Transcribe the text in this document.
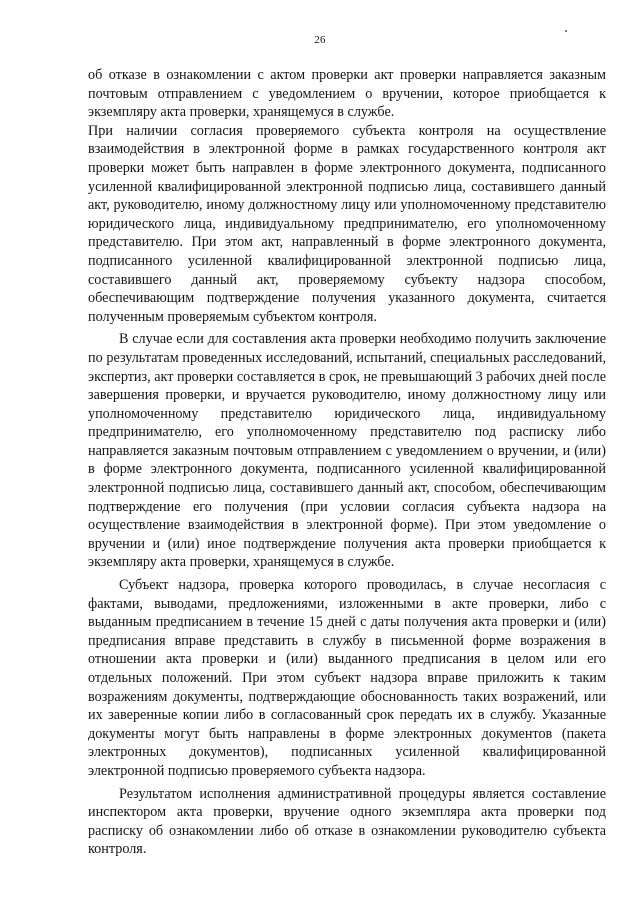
26

об отказе в ознакомлении с актом проверки акт проверки направляется заказным почтовым отправлением с уведомлением о вручении, которое приобщается к экземпляру акта проверки, хранящемуся в службе.

При наличии согласия проверяемого субъекта контроля на осуществление взаимодействия в электронной форме в рамках государственного контроля акт проверки может быть направлен в форме электронного документа, подписанного усиленной квалифицированной электронной подписью лица, составившего данный акт, руководителю, иному должностному лицу или уполномоченному представителю юридического лица, индивидуальному предпринимателю, его уполномоченному представителю. При этом акт, направленный в форме электронного документа, подписанного усиленной квалифицированной электронной подписью лица, составившего данный акт, проверяемому субъекту надзора способом, обеспечивающим подтверждение получения указанного документа, считается полученным проверяемым субъектом контроля.

В случае если для составления акта проверки необходимо получить заключение по результатам проведенных исследований, испытаний, специальных расследований, экспертиз, акт проверки составляется в срок, не превышающий 3 рабочих дней после завершения проверки, и вручается руководителю, иному должностному лицу или уполномоченному представителю юридического лица, индивидуальному предпринимателю, его уполномоченному представителю под расписку либо направляется заказным почтовым отправлением с уведомлением о вручении, и (или) в форме электронного документа, подписанного усиленной квалифицированной электронной подписью лица, составившего данный акт, способом, обеспечивающим подтверждение его получения (при условии согласия субъекта надзора на осуществление взаимодействия в электронной форме). При этом уведомление о вручении и (или) иное подтверждение получения акта проверки приобщается к экземпляру акта проверки, хранящемуся в службе.

Субъект надзора, проверка которого проводилась, в случае несогласия с фактами, выводами, предложениями, изложенными в акте проверки, либо с выданным предписанием в течение 15 дней с даты получения акта проверки и (или) предписания вправе представить в службу в письменной форме возражения в отношении акта проверки и (или) выданного предписания в целом или его отдельных положений. При этом субъект надзора вправе приложить к таким возражениям документы, подтверждающие обоснованность таких возражений, или их заверенные копии либо в согласованный срок передать их в службу. Указанные документы могут быть направлены в форме электронных документов (пакета электронных документов), подписанных усиленной квалифицированной электронной подписью проверяемого субъекта надзора.

Результатом исполнения административной процедуры является составление инспектором акта проверки, вручение одного экземпляра акта проверки под расписку об ознакомлении либо об отказе в ознакомлении руководителю субъекта контроля.
